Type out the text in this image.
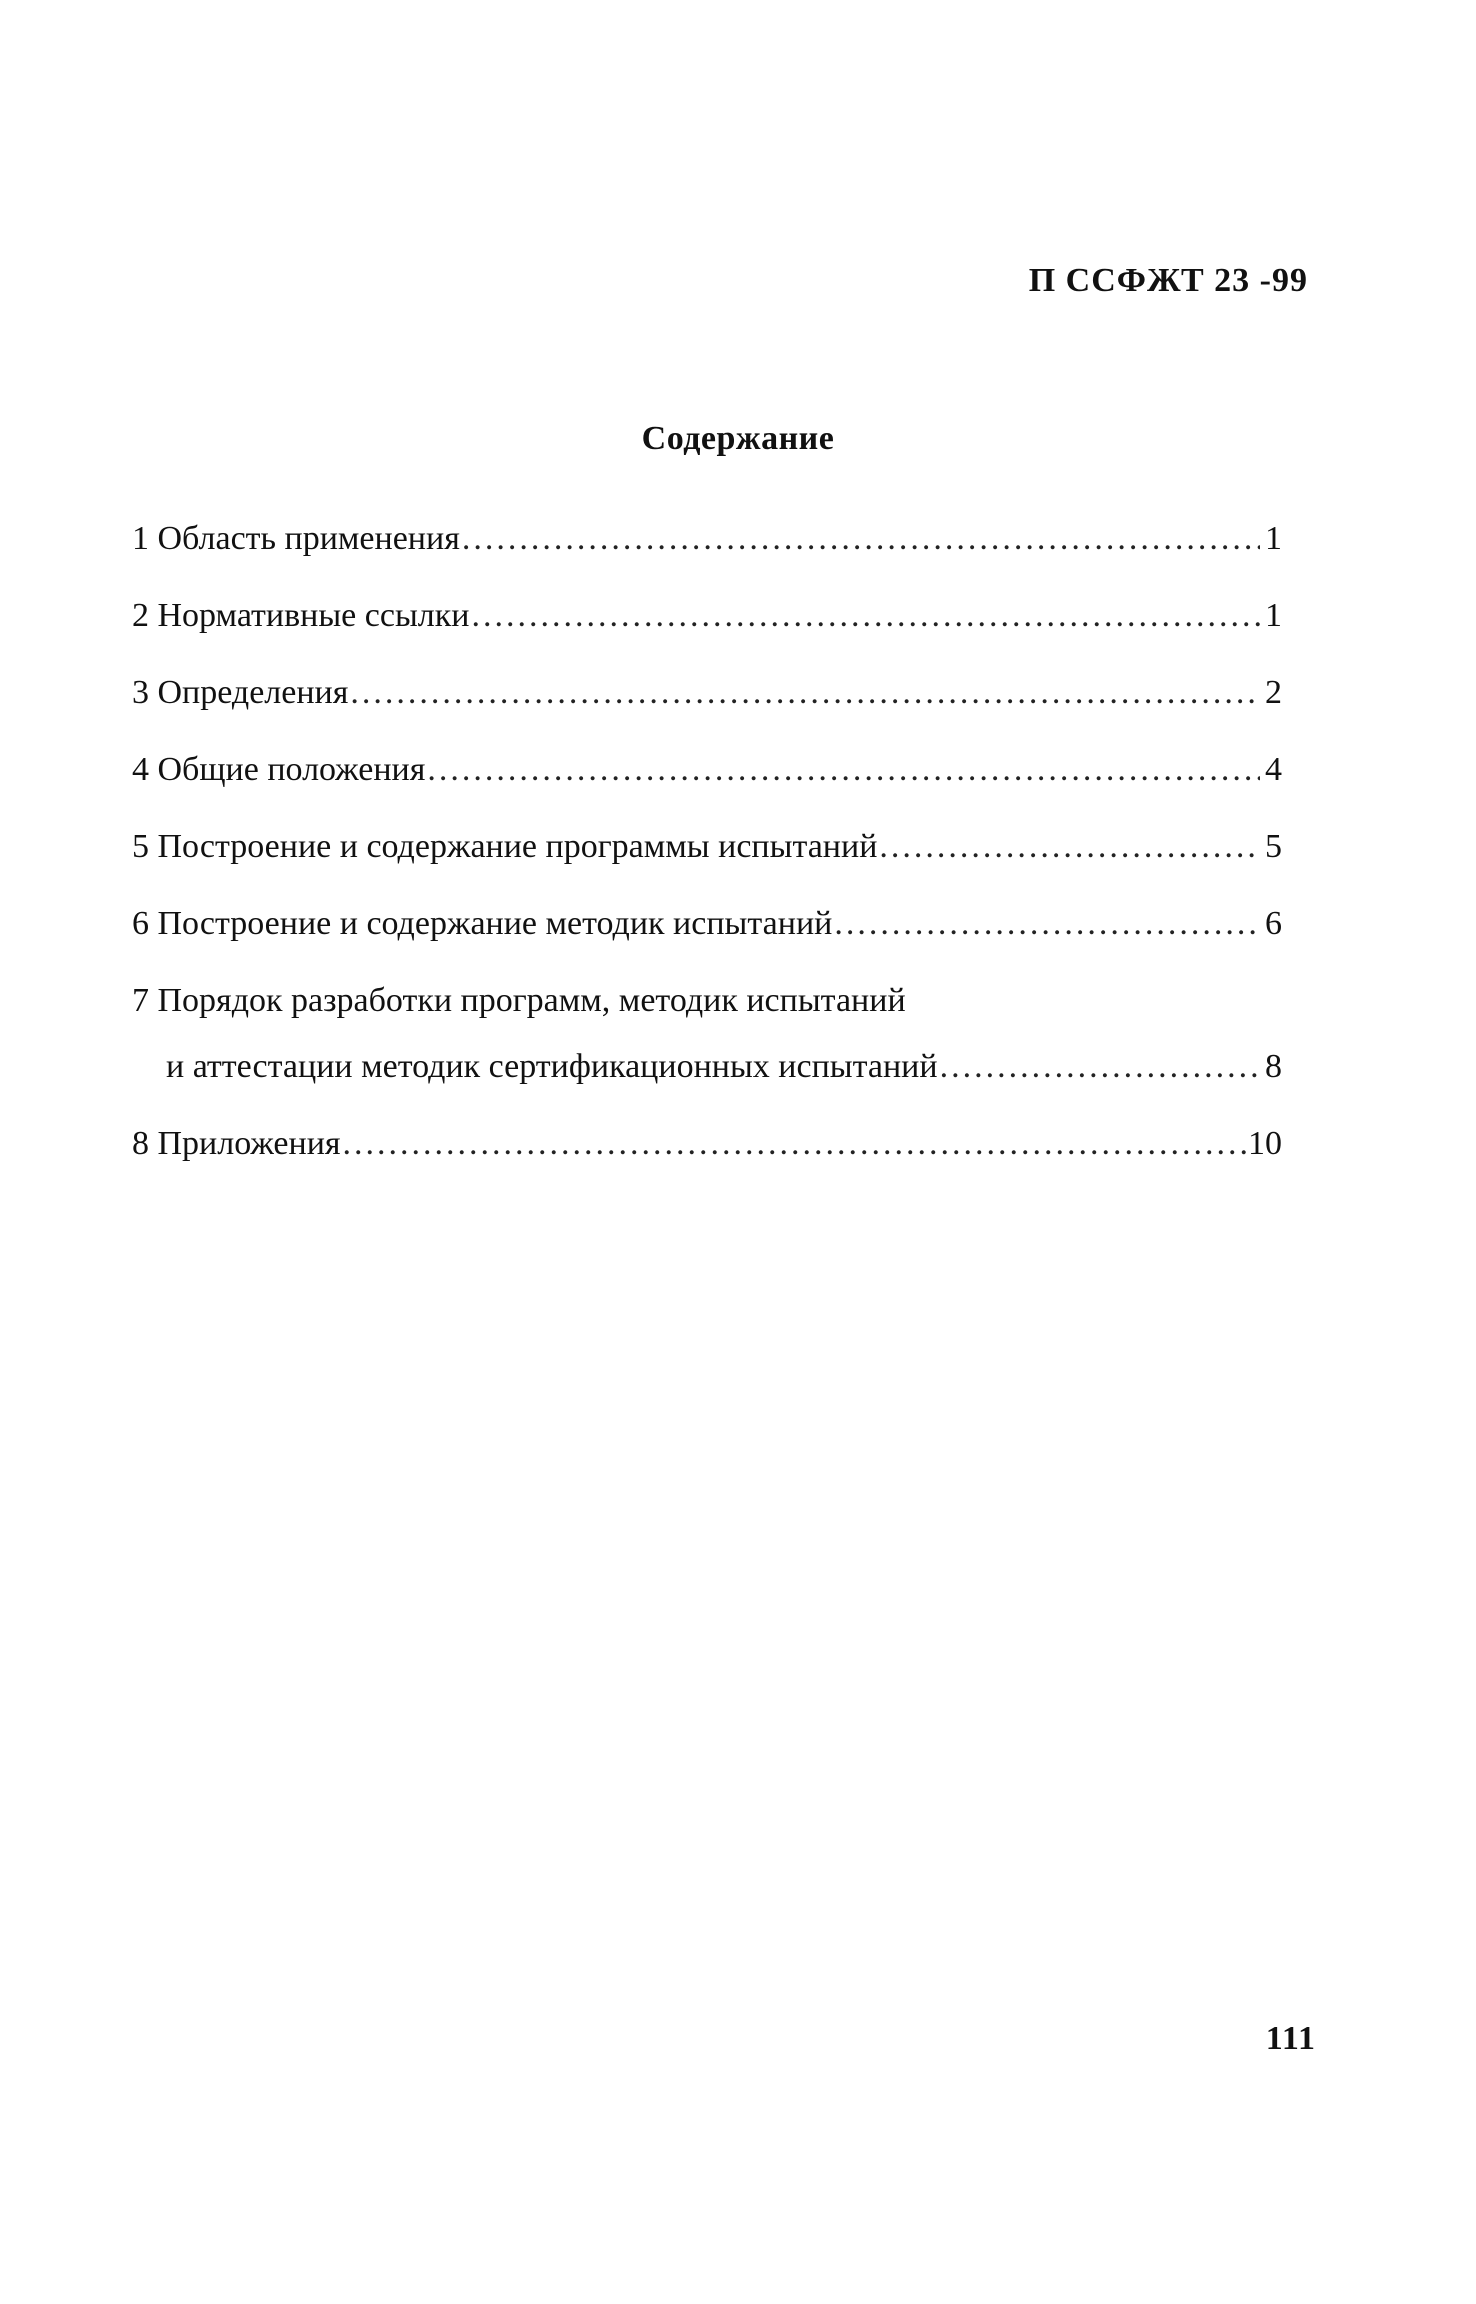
П ССФЖТ 23 -99
Содержание
1 Область применения .....	1
2 Нормативные ссылки .....	1
3 Определения .....	2
4 Общие положения .....	4
5 Построение и содержание программы испытаний .....	5
6 Построение и содержание методик испытаний .....	6
7 Порядок разработки программ, методик испытаний
и аттестации методик сертификационных испытаний .....	8
8 Приложения .....	10
111
